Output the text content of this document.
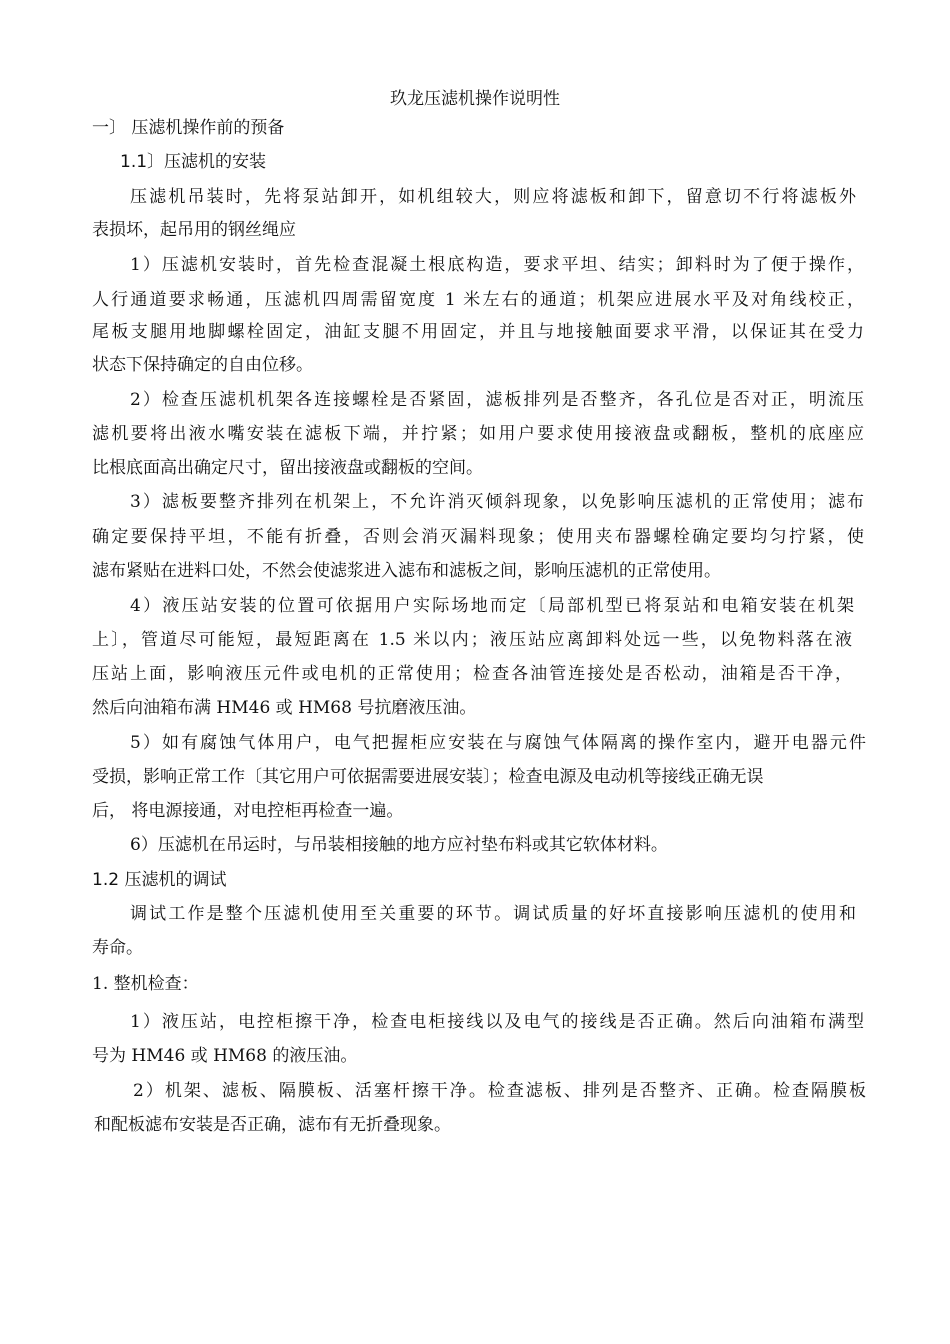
玖龙压滤机操作说明性
一〕 压滤机操作前的预备
1.1〕压滤机的安装
压滤机吊装时，先将泵站卸开，如机组较大，则应将滤板和卸下，留意切不行将滤板外
表损坏，起吊用的钢丝绳应
1）压滤机安装时，首先检查混凝土根底构造，要求平坦、结实；卸料时为了便于操作，
人行通道要求畅通，压滤机四周需留宽度 1 米左右的通道；机架应进展水平及对角线校正，
尾板支腿用地脚螺栓固定，油缸支腿不用固定，并且与地接触面要求平滑，以保证其在受力
状态下保持确定的自由位移。
2）检查压滤机机架各连接螺栓是否紧固，滤板排列是否整齐，各孔位是否对正，明流压
滤机要将出液水嘴安装在滤板下端，并拧紧；如用户要求使用接液盘或翻板，整机的底座应
比根底面高出确定尺寸，留出接液盘或翻板的空间。
3）滤板要整齐排列在机架上，不允许消灭倾斜现象，以免影响压滤机的正常使用；滤布
确定要保持平坦，不能有折叠，否则会消灭漏料现象；使用夹布器螺栓确定要均匀拧紧，使
滤布紧贴在进料口处，不然会使滤浆进入滤布和滤板之间，影响压滤机的正常使用。
4）液压站安装的位置可依据用户实际场地而定〔局部机型已将泵站和电箱安装在机架
上〕，管道尽可能短，最短距离在 1.5 米以内；液压站应离卸料处远一些，以免物料落在液
压站上面，影响液压元件或电机的正常使用；检查各油管连接处是否松动，油箱是否干净，
然后向油箱布满 HM46 或 HM68 号抗磨液压油。
5）如有腐蚀气体用户，电气把握柜应安装在与腐蚀气体隔离的操作室内，避开电器元件
受损，影响正常工作〔其它用户可依据需要进展安装〕；检查电源及电动机等接线正确无误
后， 将电源接通，对电控柜再检查一遍。
6）压滤机在吊运时，与吊装相接触的地方应衬垫布料或其它软体材料。
1.2 压滤机的调试
调试工作是整个压滤机使用至关重要的环节。调试质量的好坏直接影响压滤机的使用和
寿命。
1. 整机检查：
1）液压站，电控柜擦干净，检查电柜接线以及电气的接线是否正确。然后向油箱布满型
号为 HM46 或 HM68 的液压油。
2）机架、滤板、隔膜板、活塞杆擦干净。检查滤板、排列是否整齐、正确。检查隔膜板
和配板滤布安装是否正确，滤布有无折叠现象。
